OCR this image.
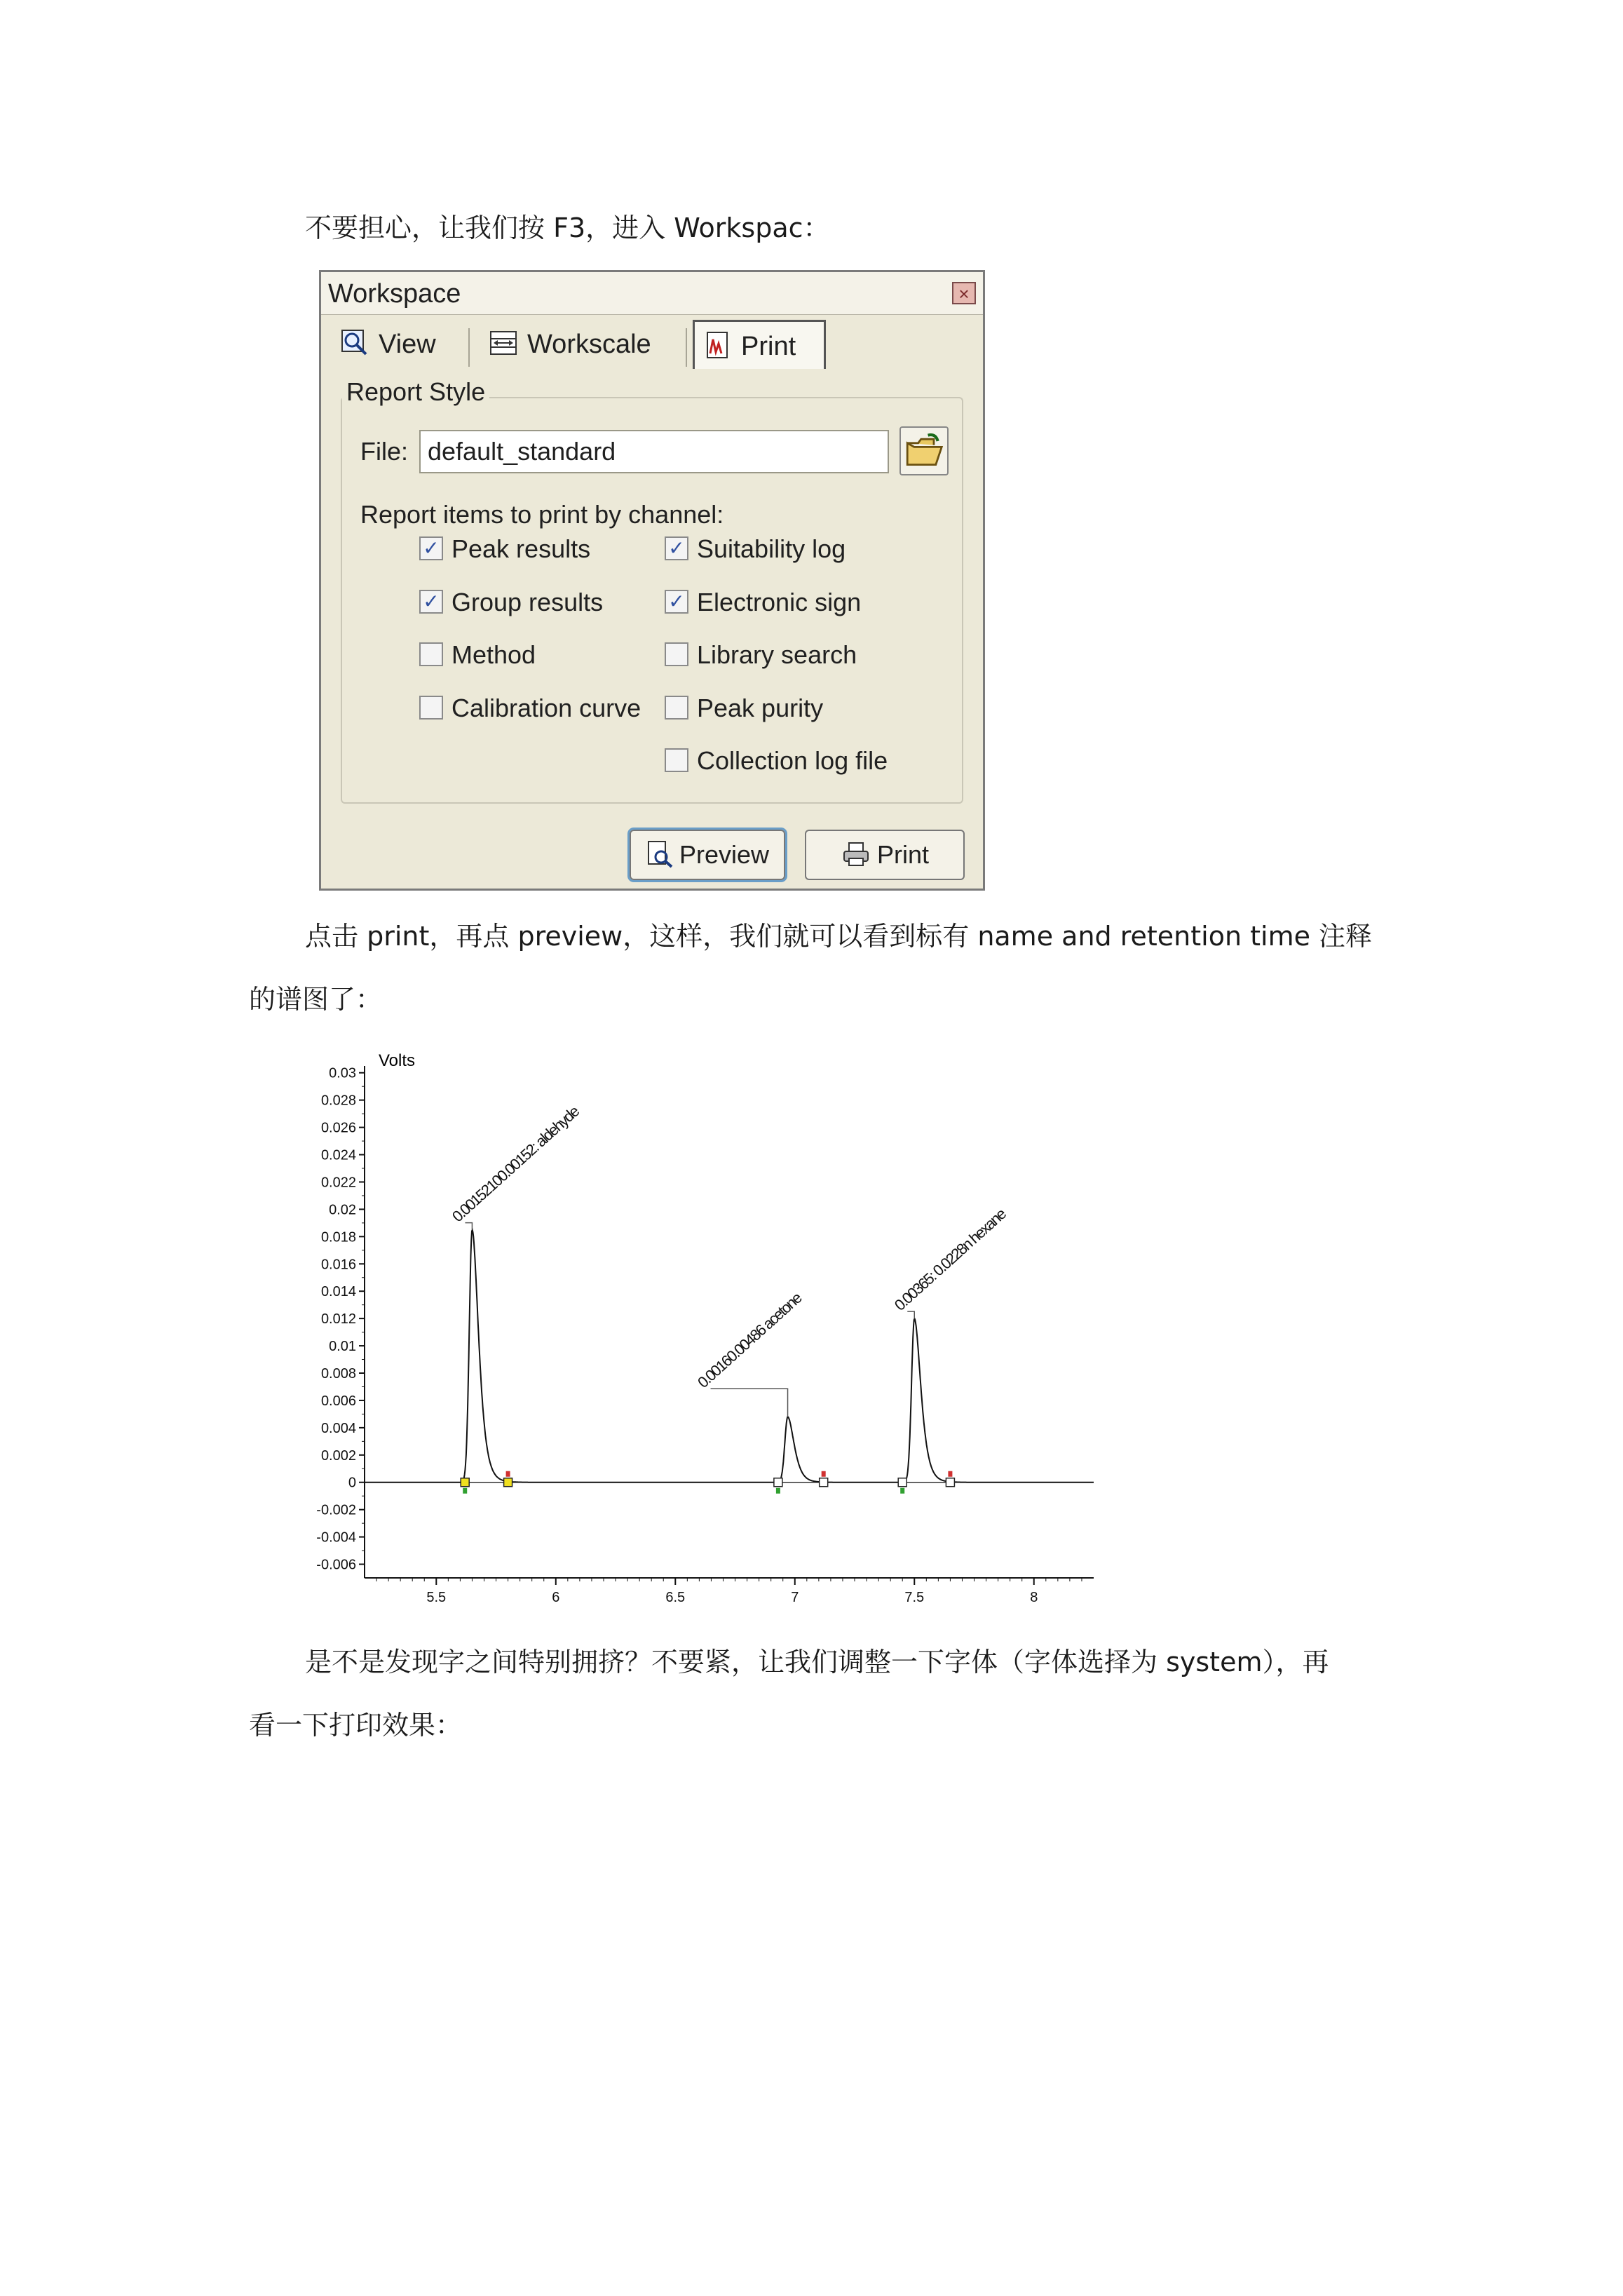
不要担心，让我们按 F3，进入 Workspac：
Workspace	×
View	Workscale	Print
Report Style
File: default_standard
Report items to print by channel:
✓ Peak results
✓ Group results
Method
Calibration curve
✓ Suitability log
✓ Electronic sign
Library search
Peak purity
Collection log file
Preview	Print
点击 print，再点 preview，这样，我们就可以看到标有 name and retention time 注释
的谱图了：
0.03
0.028
0.026
0.024
0.022
0.02
0.018
0.016
0.014
0.012
0.01
0.008
0.006
0.004
0.002
0
-0.002
-0.004
-0.006
5.5	6	6.5	7	7.5	8
Volts
0.00152100.00152: aldehyde
0.00160.00486 acetone
0.00365: 0.0228n hexane
是不是发现字之间特别拥挤？不要紧，让我们调整一下字体（字体选择为 system），再
看一下打印效果：
